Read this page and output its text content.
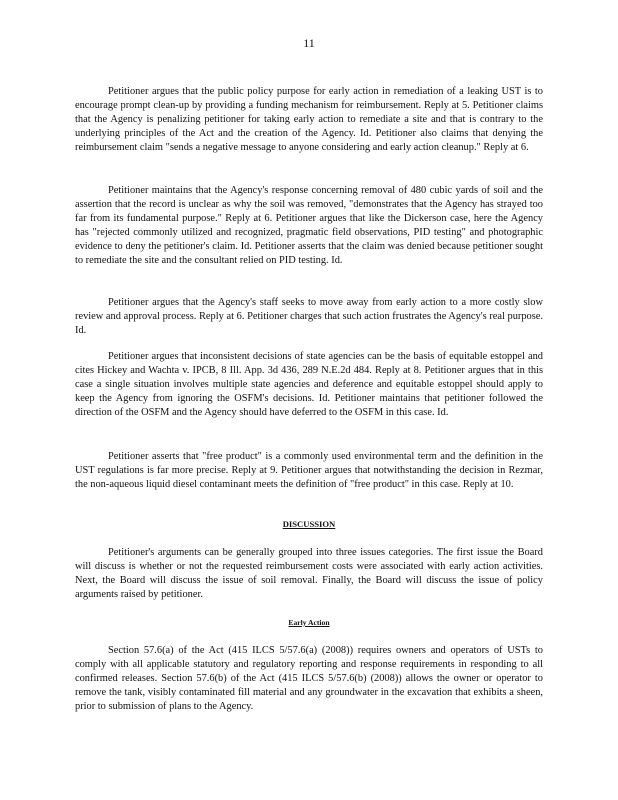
11

Petitioner argues that the public policy purpose for early action in remediation of a leaking UST is to encourage prompt clean-up by providing a funding mechanism for reimbursement. Reply at 5. Petitioner claims that the Agency is penalizing petitioner for taking early action to remediate a site and that is contrary to the underlying principles of the Act and the creation of the Agency. Id. Petitioner also claims that denying the reimbursement claim "sends a negative message to anyone considering and early action cleanup." Reply at 6.

Petitioner maintains that the Agency's response concerning removal of 480 cubic yards of soil and the assertion that the record is unclear as why the soil was removed, "demonstrates that the Agency has strayed too far from its fundamental purpose." Reply at 6. Petitioner argues that like the Dickerson case, here the Agency has "rejected commonly utilized and recognized, pragmatic field observations, PID testing" and photographic evidence to deny the petitioner's claim. Id. Petitioner asserts that the claim was denied because petitioner sought to remediate the site and the consultant relied on PID testing. Id.

Petitioner argues that the Agency's staff seeks to move away from early action to a more costly slow review and approval process. Reply at 6. Petitioner charges that such action frustrates the Agency's real purpose. Id.

Petitioner argues that inconsistent decisions of state agencies can be the basis of equitable estoppel and cites Hickey and Wachta v. IPCB, 8 Ill. App. 3d 436, 289 N.E.2d 484. Reply at 8. Petitioner argues that in this case a single situation involves multiple state agencies and deference and equitable estoppel should apply to keep the Agency from ignoring the OSFM's decisions. Id. Petitioner maintains that petitioner followed the direction of the OSFM and the Agency should have deferred to the OSFM in this case. Id.

Petitioner asserts that "free product" is a commonly used environmental term and the definition in the UST regulations is far more precise. Reply at 9. Petitioner argues that notwithstanding the decision in Rezmar, the non-aqueous liquid diesel contaminant meets the definition of "free product" in this case. Reply at 10.

DISCUSSION

Petitioner's arguments can be generally grouped into three issues categories. The first issue the Board will discuss is whether or not the requested reimbursement costs were associated with early action activities. Next, the Board will discuss the issue of soil removal. Finally, the Board will discuss the issue of policy arguments raised by petitioner.

Early Action

Section 57.6(a) of the Act (415 ILCS 5/57.6(a) (2008)) requires owners and operators of USTs to comply with all applicable statutory and regulatory reporting and response requirements in responding to all confirmed releases. Section 57.6(b) of the Act (415 ILCS 5/57.6(b) (2008)) allows the owner or operator to remove the tank, visibly contaminated fill material and any groundwater in the excavation that exhibits a sheen, prior to submission of plans to the Agency.
